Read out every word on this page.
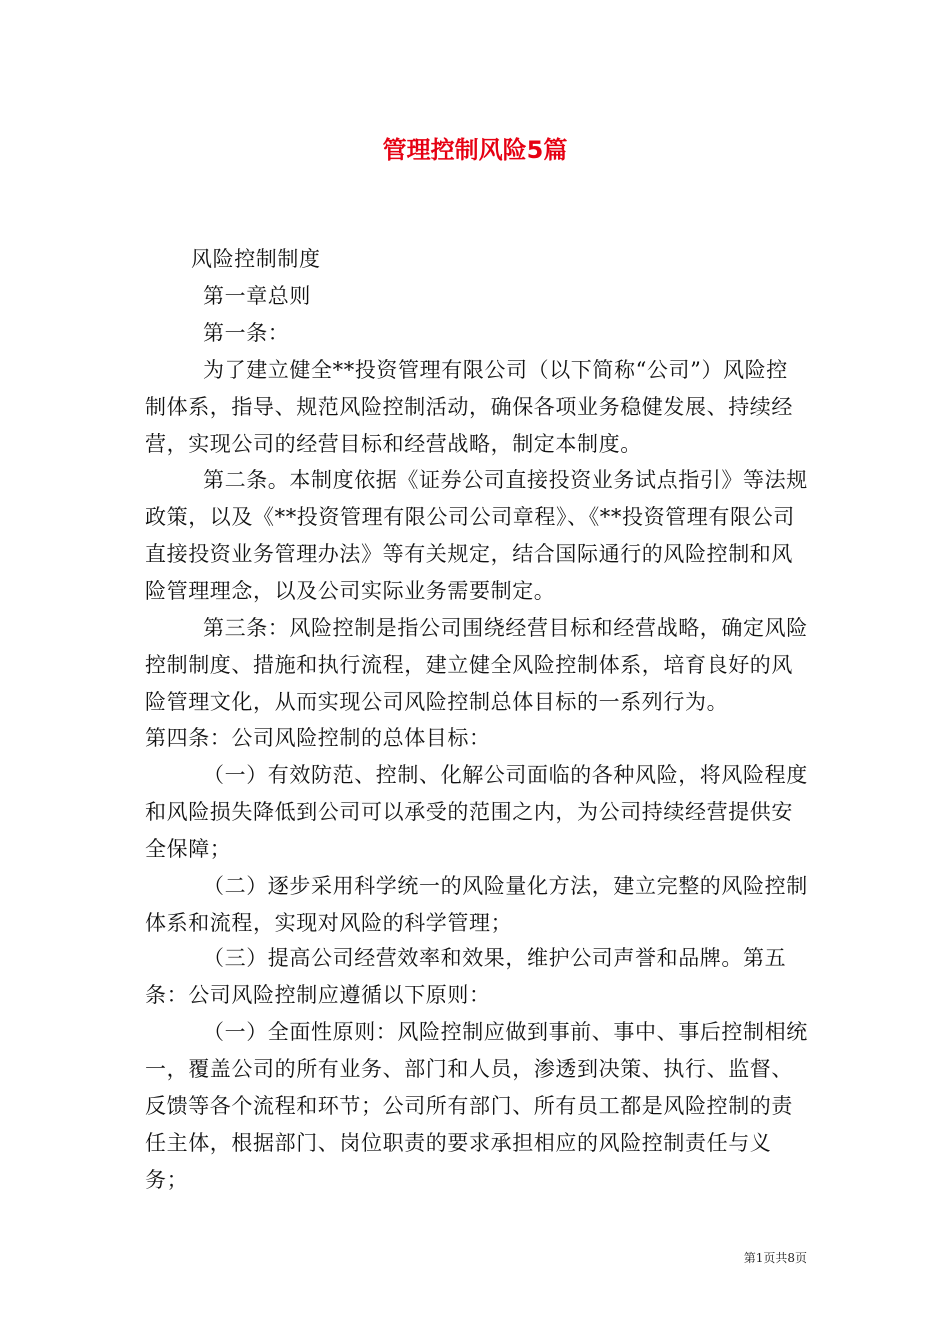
管理控制风险5篇

风险控制制度

第一章总则

第一条：

为了建立健全**投资管理有限公司（以下简称“公司”）风险控制体系，指导、规范风险控制活动，确保各项业务稳健发展、持续经营，实现公司的经营目标和经营战略，制定本制度。

第二条。本制度依据《证券公司直接投资业务试点指引》等法规政策，以及《**投资管理有限公司公司章程》、《**投资管理有限公司直接投资业务管理办法》等有关规定，结合国际通行的风险控制和风险管理理念，以及公司实际业务需要制定。

第三条：风险控制是指公司围绕经营目标和经营战略，确定风险控制制度、措施和执行流程，建立健全风险控制体系，培育良好的风险管理文化，从而实现公司风险控制总体目标的一系列行为。

第四条：公司风险控制的总体目标：

（一）有效防范、控制、化解公司面临的各种风险，将风险程度和风险损失降低到公司可以承受的范围之内，为公司持续经营提供安全保障；

（二）逐步采用科学统一的风险量化方法，建立完整的风险控制体系和流程，实现对风险的科学管理；

（三）提高公司经营效率和效果，维护公司声誉和品牌。第五条：公司风险控制应遵循以下原则：

（一）全面性原则：风险控制应做到事前、事中、事后控制相统一，覆盖公司的所有业务、部门和人员，渗透到决策、执行、监督、反馈等各个流程和环节；公司所有部门、所有员工都是风险控制的责任主体，根据部门、岗位职责的要求承担相应的风险控制责任与义务；

第1页共8页
